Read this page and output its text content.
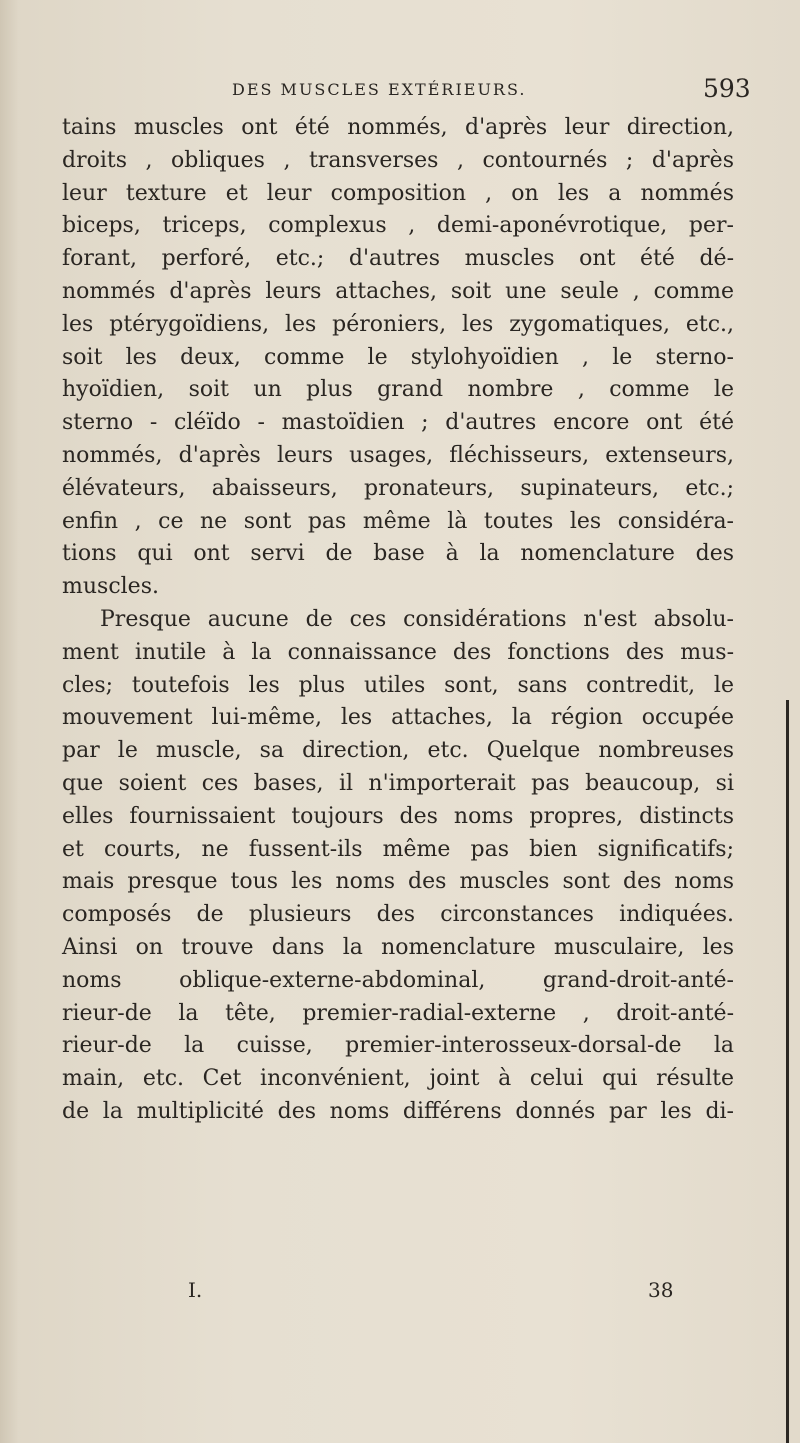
DES MUSCLES EXTÉRIEURS.	593
tains muscles ont été nommés, d'après leur direction,
droits , obliques , transverses , contournés ; d'après
leur texture et leur composition , on les a nommés
biceps, triceps, complexus , demi-aponévrotique, per-
forant, perforé, etc.; d'autres muscles ont été dé-
nommés d'après leurs attaches, soit une seule , comme
les ptérygoïdiens, les péroniers, les zygomatiques, etc.,
soit les deux, comme le stylohyoïdien , le sterno-
hyoïdien, soit un plus grand nombre , comme le
sterno - cléïdo - mastoïdien ; d'autres encore ont été
nommés, d'après leurs usages, fléchisseurs, extenseurs,
élévateurs, abaisseurs, pronateurs, supinateurs, etc.;
enfin , ce ne sont pas même là toutes les considéra-
tions qui ont servi de base à la nomenclature des
muscles.
Presque aucune de ces considérations n'est absolu-
ment inutile à la connaissance des fonctions des mus-
cles; toutefois les plus utiles sont, sans contredit, le
mouvement lui-même, les attaches, la région occupée
par le muscle, sa direction, etc. Quelque nombreuses
que soient ces bases, il n'importerait pas beaucoup, si
elles fournissaient toujours des noms propres, distincts
et courts, ne fussent-ils même pas bien significatifs;
mais presque tous les noms des muscles sont des noms
composés de plusieurs des circonstances indiquées.
Ainsi on trouve dans la nomenclature musculaire, les
noms oblique-externe-abdominal, grand-droit-anté-
rieur-de la tête, premier-radial-externe , droit-anté-
rieur-de la cuisse, premier-interosseux-dorsal-de la
main, etc. Cet inconvénient, joint à celui qui résulte
de la multiplicité des noms différens donnés par les di-
I.	38
